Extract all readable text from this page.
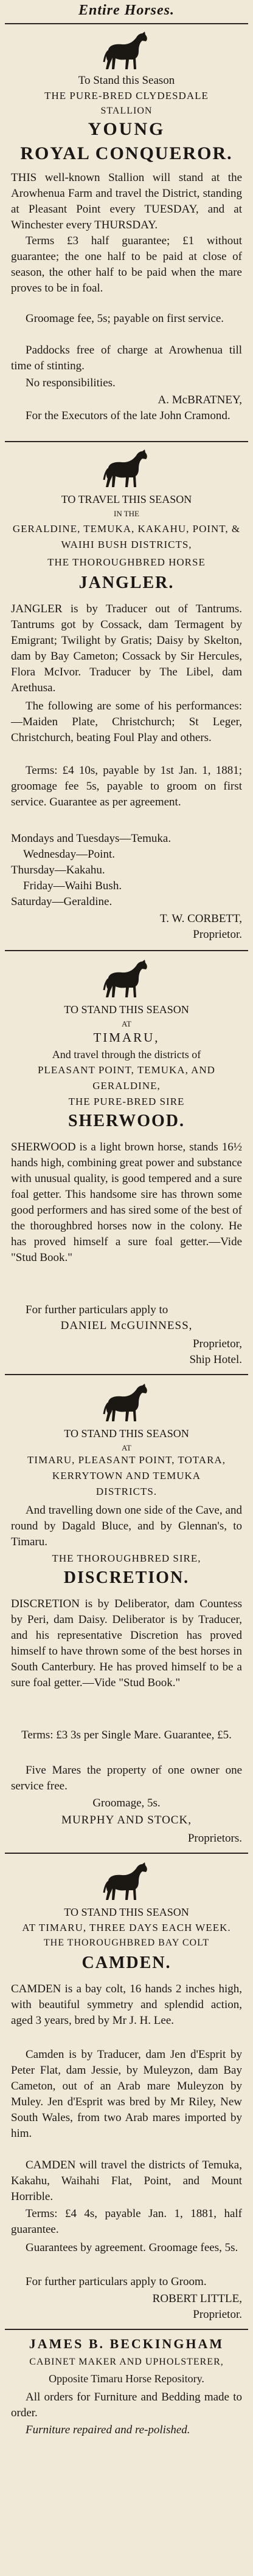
Entire Horses.
To Stand this Season
THE PURE-BRED CLYDESDALE
STALLION
YOUNG
ROYAL CONQUEROR.
THIS well-known Stallion will stand at the Arowhenua Farm and travel the District, standing at Pleasant Point every TUESDAY, and at Winchester every THURSDAY.
Terms £3 half guarantee; £1 without guarantee; the one half to be paid at close of season, the other half to be paid when the mare proves to be in foal.
Groomage fee, 5s; payable on first service.
Paddocks free of charge at Arowhenua till time of stinting.
No responsibilities.
A. McBRATNEY,
For the Executors of the late John Cramond.
TO TRAVEL THIS SEASON
IN THE
GERALDINE, TEMUKA, KAKAHU, POINT, & WAIHI BUSH DISTRICTS,
THE THOROUGHBRED HORSE
JANGLER.
JANGLER is by Traducer out of Tantrums. Tantrums got by Cossack, dam Termagent by Emigrant; Twilight by Gratis; Daisy by Skelton, dam by Bay Cameton; Cossack by Sir Hercules, Flora McIvor. Traducer by The Libel, dam Arethusa.
The following are some of his performances:—Maiden Plate, Christchurch; St Leger, Christchurch, beating Foul Play and others.
Terms: £4 10s, payable by 1st Jan. 1, 1881; groomage fee 5s, payable to groom on first service. Guarantee as per agreement.
Mondays and Tuesdays—Temuka.
Wednesday—Point.
Thursday—Kakahu.
Friday—Waihi Bush.
Saturday—Geraldine.
T. W. CORBETT,
Proprietor.
TO STAND THIS SEASON
AT
TIMARU,
And travel through the districts of
PLEASANT POINT, TEMUKA, AND
GERALDINE,
THE PURE-BRED SIRE
SHERWOOD.
SHERWOOD is a light brown horse, stands 16½ hands high, combining great power and substance with unusual quality, is good tempered and a sure foal getter. This handsome sire has thrown some good performers and has sired some of the best of the thoroughbred horses now in the colony. He has proved himself a sure foal getter.—Vide "Stud Book."
For further particulars apply to
DANIEL McGUINNESS,
Proprietor,
Ship Hotel.
TO STAND THIS SEASON
AT
TIMARU, PLEASANT POINT, TOTARA,
KERRYTOWN AND TEMUKA
DISTRICTS.
And travelling down one side of the Cave, and round by Dagald Bluce, and by Glennan's, to Timaru.
THE THOROUGHBRED SIRE,
DISCRETION.
DISCRETION is by Deliberator, dam Countess by Peri, dam Daisy. Deliberator is by Traducer, and his representative Discretion has proved himself to have thrown some of the best horses in South Canterbury. He has proved himself to be a sure foal getter.—Vide "Stud Book."
Terms: £3 3s per Single Mare. Guarantee, £5.
Five Mares the property of one owner one service free.
Groomage, 5s.
MURPHY AND STOCK,
Proprietors.
TO STAND THIS SEASON
AT TIMARU, THREE DAYS EACH WEEK.
THE THOROUGHBRED BAY COLT
CAMDEN.
CAMDEN is a bay colt, 16 hands 2 inches high, with beautiful symmetry and splendid action, aged 3 years, bred by Mr J. H. Lee.
Camden is by Traducer, dam Jen d'Esprit by Peter Flat, dam Jessie, by Muleyzon, dam Bay Cameton, out of an Arab mare Muleyzon by Muley. Jen d'Esprit was bred by Mr Riley, New South Wales, from two Arab mares imported by him.
CAMDEN will travel the districts of Temuka, Kakahu, Waihahi Flat, Point, and Mount Horrible.
Terms: £4 4s, payable Jan. 1, 1881, half guarantee.
Guarantees by agreement. Groomage fees, 5s.
For further particulars apply to Groom.
ROBERT LITTLE,
Proprietor.
JAMES B. BECKINGHAM
CABINET MAKER AND UPHOLSTERER,
Opposite Timaru Horse Repository.
All orders for Furniture and Bedding made to order.
Furniture repaired and re-polished.
